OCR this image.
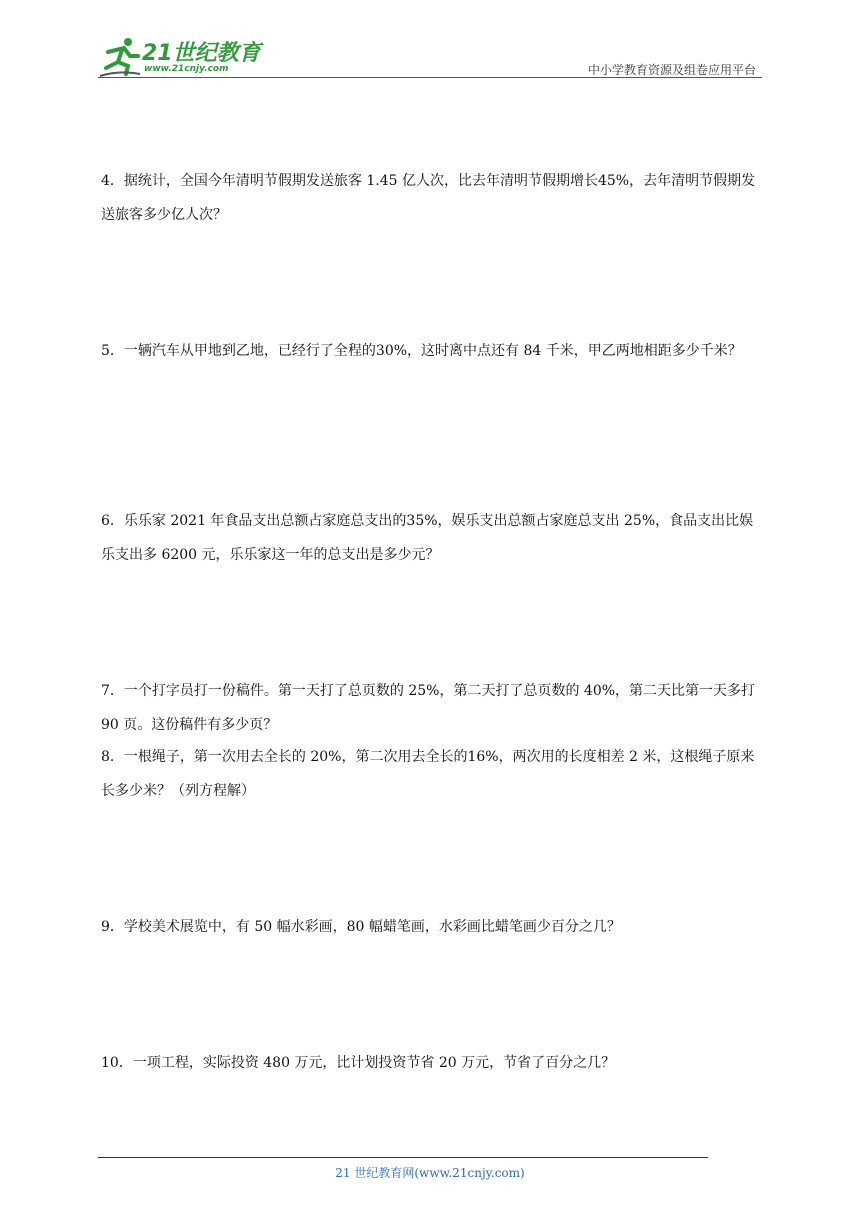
21世纪教育
www.21cnjy.com	中小学教育资源及组卷应用平台
4．据统计，全国今年清明节假期发送旅客 1.45 亿人次，比去年清明节假期增长45%，去年清明节假期发送旅客多少亿人次？
5．一辆汽车从甲地到乙地，已经行了全程的30%，这时离中点还有 84 千米，甲乙两地相距多少千米？
6．乐乐家 2021 年食品支出总额占家庭总支出的35%，娱乐支出总额占家庭总支出 25%，食品支出比娱乐支出多 6200 元，乐乐家这一年的总支出是多少元？
7．一个打字员打一份稿件。第一天打了总页数的 25%，第二天打了总页数的 40%，第二天比第一天多打 90 页。这份稿件有多少页？
8．一根绳子，第一次用去全长的 20%，第二次用去全长的16%，两次用的长度相差 2 米，这根绳子原来长多少米？（列方程解）
9．学校美术展览中，有 50 幅水彩画，80 幅蜡笔画，水彩画比蜡笔画少百分之几？
10．一项工程，实际投资 480 万元，比计划投资节省 20 万元，节省了百分之几？
21 世纪教育网(www.21cnjy.com)
